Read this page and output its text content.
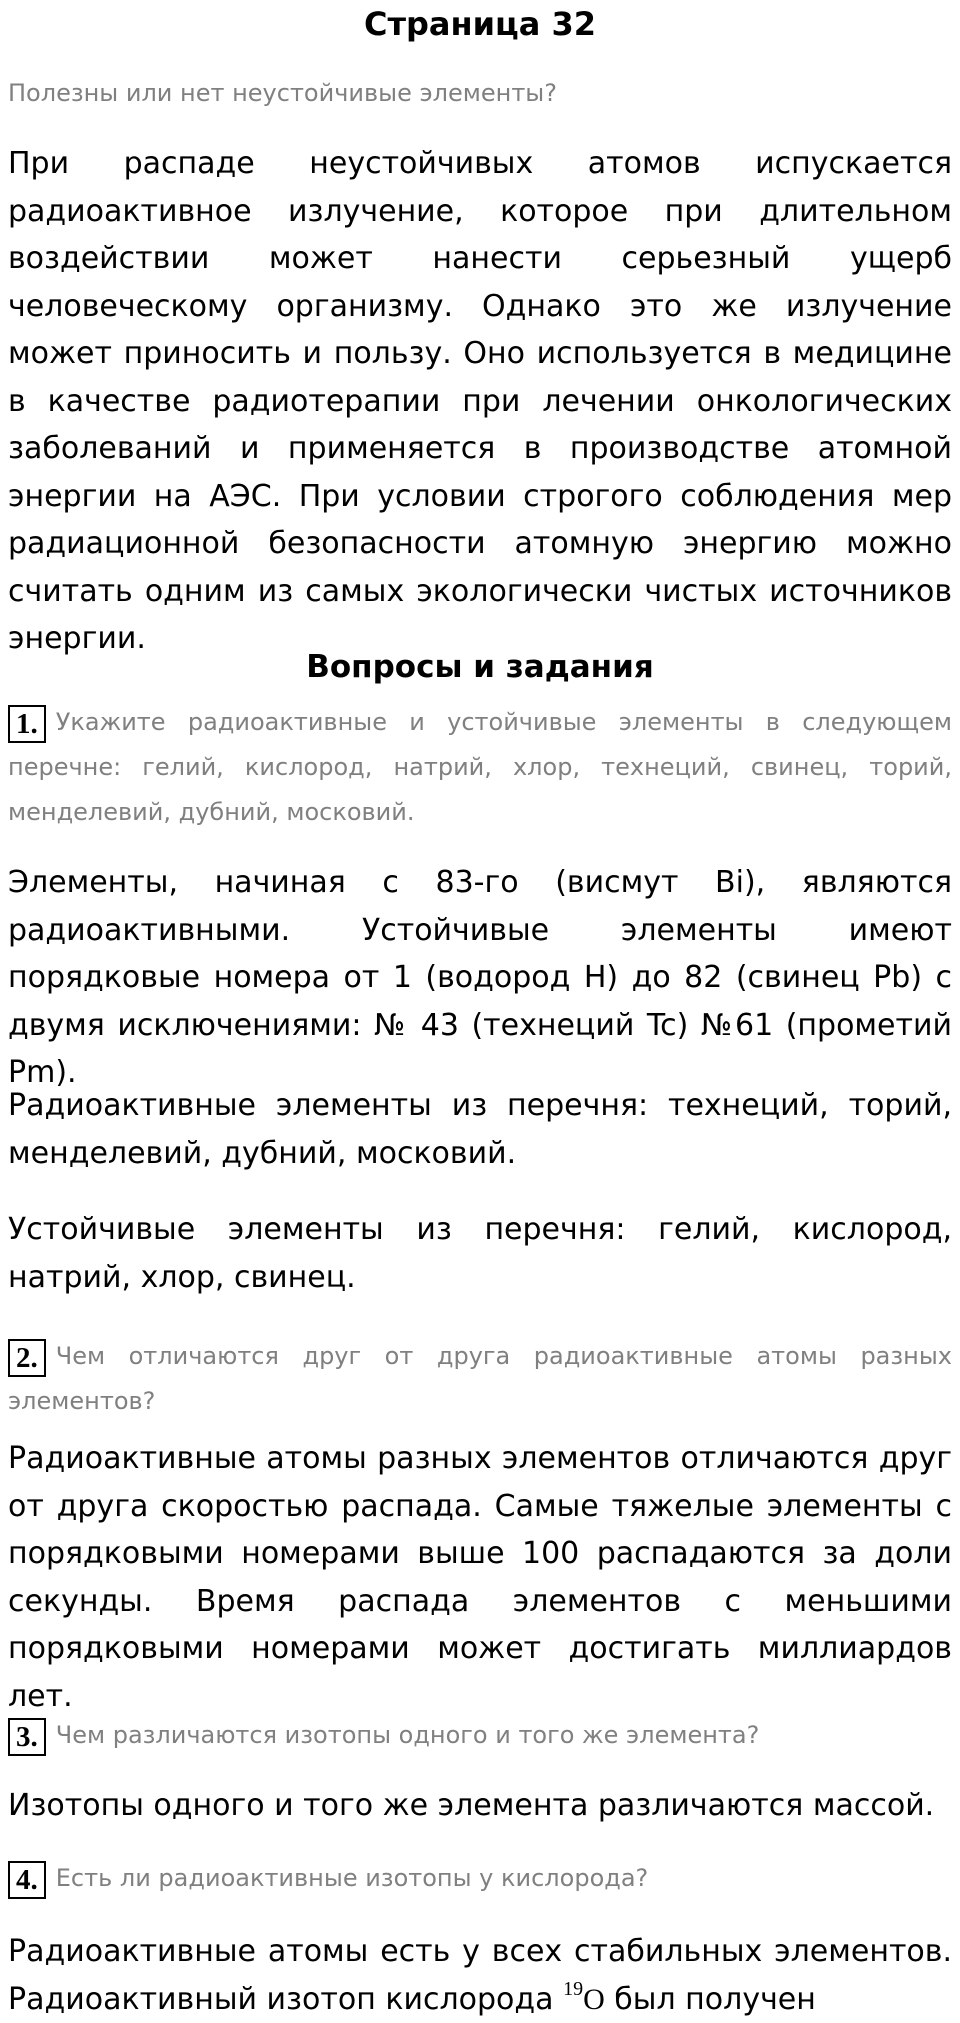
Страница 32
Полезны или нет неустойчивые элементы?

При распаде неустойчивых атомов испускается радиоактивное излучение, которое при длительном воздействии может нанести серьезный ущерб человеческому организму. Однако это же излучение может приносить и пользу. Оно используется в медицине в качестве радиотерапии при лечении онкологических заболеваний и применяется в производстве атомной энергии на АЭС. При условии строгого соблюдения мер радиационной безопасности атомную энергию можно считать одним из самых экологически чистых источников энергии.

Вопросы и задания

1. Укажите радиоактивные и устойчивые элементы в следующем перечне: гелий, кислород, натрий, хлор, технеций, свинец, торий, менделевий, дубний, московий.

Элементы, начиная с 83-го (висмут Bi), являются радиоактивными. Устойчивые элементы имеют порядковые номера от 1 (водород H) до 82 (свинец Pb) с двумя исключениями: № 43 (технеций Tc) №61 (прометий Pm).

Радиоактивные элементы из перечня: технеций, торий, менделевий, дубний, московий.

Устойчивые элементы из перечня: гелий, кислород, натрий, хлор, свинец.

2. Чем отличаются друг от друга радиоактивные атомы разных элементов?

Радиоактивные атомы разных элементов отличаются друг от друга скоростью распада. Самые тяжелые элементы с порядковыми номерами выше 100 распадаются за доли секунды. Время распада элементов с меньшими порядковыми номерами может достигать миллиардов лет.

3. Чем различаются изотопы одного и того же элемента?

Изотопы одного и того же элемента различаются массой.

4. Есть ли радиоактивные изотопы у кислорода?

Радиоактивные атомы есть у всех стабильных элементов. Радиоактивный изотоп кислорода $^{19}$O был получен
